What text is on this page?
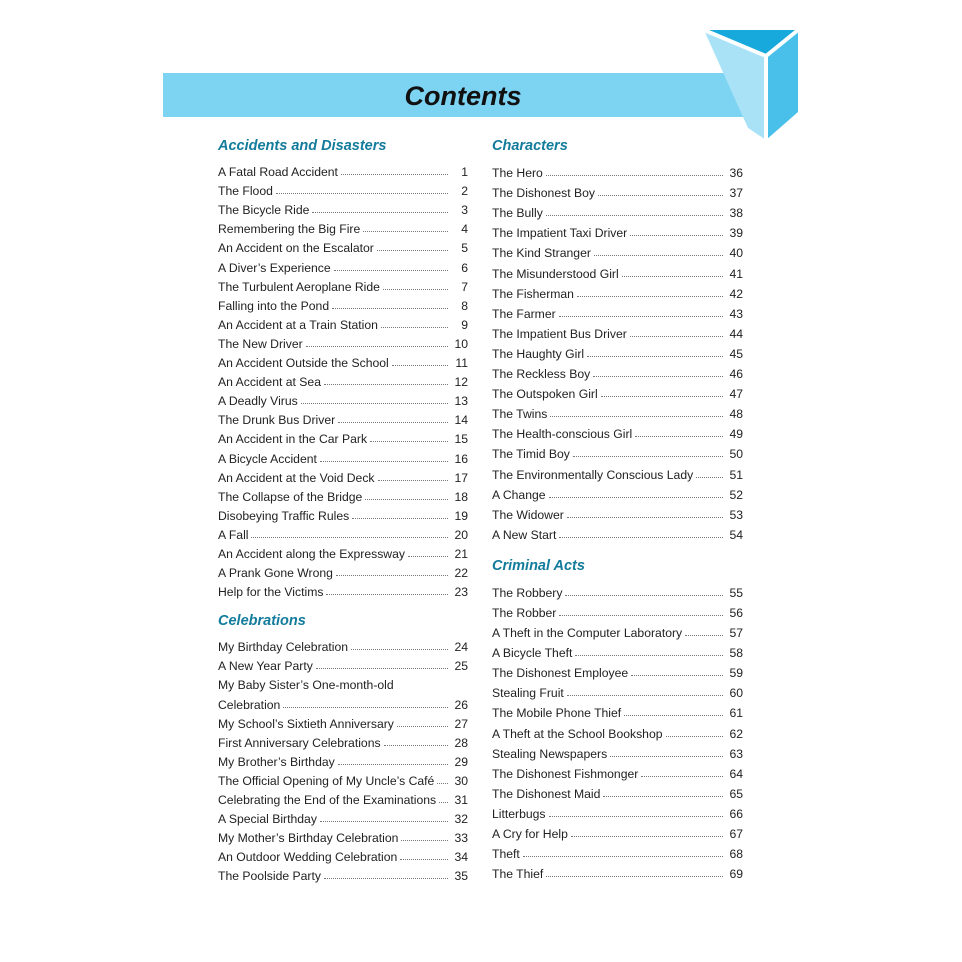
Contents
Accidents and Disasters
A Fatal Road Accident	1
The Flood	2
The Bicycle Ride	3
Remembering the Big Fire	4
An Accident on the Escalator	5
A Diver’s Experience	6
The Turbulent Aeroplane Ride	7
Falling into the Pond	8
An Accident at a Train Station	9
The New Driver	10
An Accident Outside the School	11
An Accident at Sea	12
A Deadly Virus	13
The Drunk Bus Driver	14
An Accident in the Car Park	15
A Bicycle Accident	16
An Accident at the Void Deck	17
The Collapse of the Bridge	18
Disobeying Traffic Rules	19
A Fall	20
An Accident along the Expressway	21
A Prank Gone Wrong	22
Help for the Victims	23
Celebrations
My Birthday Celebration	24
A New Year Party	25
My Baby Sister’s One-month-old
Celebration	26
My School’s Sixtieth Anniversary	27
First Anniversary Celebrations	28
My Brother’s Birthday	29
The Official Opening of My Uncle’s Café	30
Celebrating the End of the Examinations	31
A Special Birthday	32
My Mother’s Birthday Celebration	33
An Outdoor Wedding Celebration	34
The Poolside Party	35
Characters
The Hero	36
The Dishonest Boy	37
The Bully	38
The Impatient Taxi Driver	39
The Kind Stranger	40
The Misunderstood Girl	41
The Fisherman	42
The Farmer	43
The Impatient Bus Driver	44
The Haughty Girl	45
The Reckless Boy	46
The Outspoken Girl	47
The Twins	48
The Health-conscious Girl	49
The Timid Boy	50
The Environmentally Conscious Lady	51
A Change	52
The Widower	53
A New Start	54
Criminal Acts
The Robbery	55
The Robber	56
A Theft in the Computer Laboratory	57
A Bicycle Theft	58
The Dishonest Employee	59
Stealing Fruit	60
The Mobile Phone Thief	61
A Theft at the School Bookshop	62
Stealing Newspapers	63
The Dishonest Fishmonger	64
The Dishonest Maid	65
Litterbugs	66
A Cry for Help	67
Theft	68
The Thief	69
